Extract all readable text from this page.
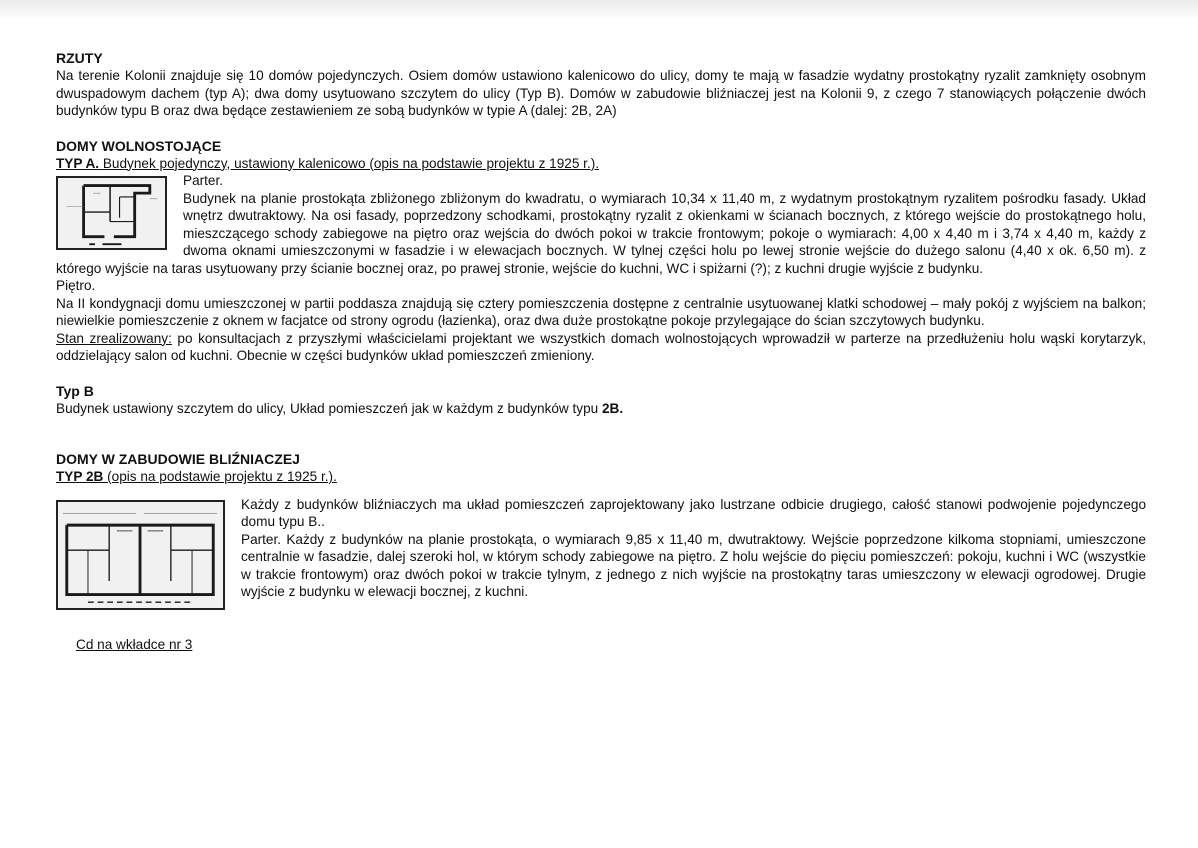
RZUTY

Na terenie Kolonii znajduje się 10 domów pojedynczych. Osiem domów ustawiono kalenicowo do ulicy, domy te mają w fasadzie wydatny prostokątny ryzalit zamknięty osobnym dwuspadowym dachem (typ A); dwa domy usytuowano szczytem do ulicy (Typ B). Domów w zabudowie bliźniaczej jest na Kolonii 9, z czego 7 stanowiących połączenie dwóch budynków typu B oraz dwa będące zestawieniem ze sobą budynków w typie A (dalej: 2B, 2A)

DOMY WOLNOSTOJĄCE

TYP A. Budynek pojedynczy, ustawiony kalenicowo (opis na podstawie projektu z 1925 r.).

Parter.

Budynek na planie prostokąta zbliżonego zbliżonym do kwadratu, o wymiarach 10,34 x 11,40 m, z wydatnym prostokątnym ryzalitem pośrodku fasady. Układ wnętrz dwutraktowy. Na osi fasady, poprzedzony schodkami, prostokątny ryzalit z okienkami w ścianach bocznych, z którego wejście do prostokątnego holu, mieszczącego schody zabiegowe na piętro oraz wejścia do dwóch pokoi w trakcie frontowym; pokoje o wymiarach: 4,00 x 4,40 m i 3,74 x 4,40 m, każdy z dwoma oknami umieszczonymi w fasadzie i w elewacjach bocznych. W tylnej części holu po lewej stronie wejście do dużego salonu (4,40 x ok. 6,50 m). z którego wyjście na taras usytuowany przy ścianie bocznej oraz, po prawej stronie, wejście do kuchni, WC i spiżarni (?); z kuchni drugie wyjście z budynku.

Piętro.

Na II kondygnacji domu umieszczonej w partii poddasza znajdują się cztery pomieszczenia dostępne z centralnie usytuowanej klatki schodowej – mały pokój z wyjściem na balkon; niewielkie pomieszczenie z oknem w facjatce od strony ogrodu (łazienka), oraz dwa duże prostokątne pokoje przylegające do ścian szczytowych budynku.

Stan zrealizowany: po konsultacjach z przyszłymi właścicielami projektant we wszystkich domach wolnostojących wprowadził w parterze na przedłużeniu holu wąski korytarzyk, oddzielający salon od kuchni. Obecnie w części budynków układ pomieszczeń zmieniony.

Typ B

Budynek ustawiony szczytem do ulicy, Układ pomieszczeń jak w każdym z budynków typu 2B.

DOMY W ZABUDOWIE BLIŹNIACZEJ

TYP 2B (opis na podstawie projektu z 1925 r.).

Każdy z budynków bliźniaczych ma układ pomieszczeń zaprojektowany jako lustrzane odbicie drugiego, całość stanowi podwojenie pojedynczego domu typu B..

Parter. Każdy z budynków na planie prostokąta, o wymiarach 9,85 x 11,40 m, dwutraktowy. Wejście poprzedzone kilkoma stopniami, umieszczone centralnie w fasadzie, dalej szeroki hol, w którym schody zabiegowe na piętro. Z holu wejście do pięciu pomieszczeń: pokoju, kuchni i WC (wszystkie w trakcie frontowym) oraz dwóch pokoi w trakcie tylnym, z jednego z nich wyjście na prostokątny taras umieszczony w elewacji ogrodowej. Drugie wyjście z budynku w elewacji bocznej, z kuchni.

Cd na wkładce nr 3
